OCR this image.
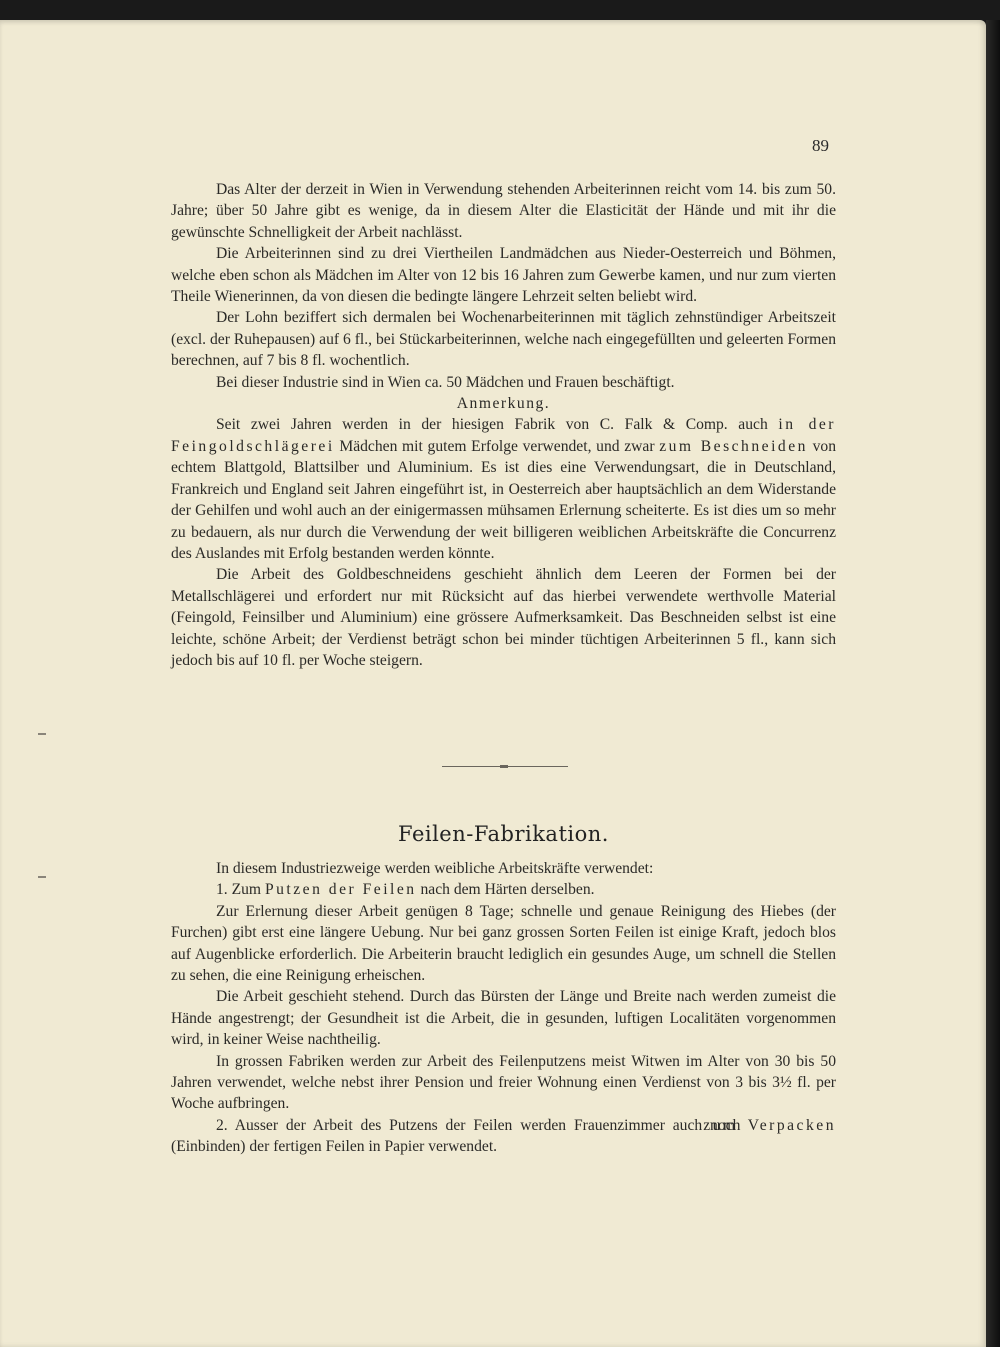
89

Das Alter der derzeit in Wien in Verwendung stehenden Arbeiterinnen reicht vom 14. bis zum 50. Jahre; über 50 Jahre gibt es wenige, da in diesem Alter die Elasticität der Hände und mit ihr die gewünschte Schnelligkeit der Arbeit nachlässt.

Die Arbeiterinnen sind zu drei Viertheilen Landmädchen aus Nieder-Oesterreich und Böhmen, welche eben schon als Mädchen im Alter von 12 bis 16 Jahren zum Gewerbe kamen, und nur zum vierten Theile Wienerinnen, da von diesen die bedingte längere Lehrzeit selten beliebt wird.

Der Lohn beziffert sich dermalen bei Wochenarbeiterinnen mit täglich zehnstündiger Arbeitszeit (excl. der Ruhepausen) auf 6 fl., bei Stückarbeiterinnen, welche nach eingegefüllten und geleerten Formen berechnen, auf 7 bis 8 fl. wochentlich.

Bei dieser Industrie sind in Wien ca. 50 Mädchen und Frauen beschäftigt.

Anmerkung.

Seit zwei Jahren werden in der hiesigen Fabrik von C. Falk & Comp. auch in der Feingoldschlägerei Mädchen mit gutem Erfolge verwendet, und zwar zum Beschneiden von echtem Blattgold, Blattsilber und Aluminium. Es ist dies eine Verwendungsart, die in Deutschland, Frankreich und England seit Jahren eingeführt ist, in Oesterreich aber hauptsächlich an dem Widerstande der Gehilfen und wohl auch an der einigermassen mühsamen Erlernung scheiterte. Es ist dies um so mehr zu bedauern, als nur durch die Verwendung der weit billigeren weiblichen Arbeitskräfte die Concurrenz des Auslandes mit Erfolg bestanden werden könnte.

Die Arbeit des Goldbeschneidens geschieht ähnlich dem Leeren der Formen bei der Metallschlägerei und erfordert nur mit Rücksicht auf das hierbei verwendete werthvolle Material (Feingold, Feinsilber und Aluminium) eine grössere Aufmerksamkeit. Das Beschneiden selbst ist eine leichte, schöne Arbeit; der Verdienst beträgt schon bei minder tüchtigen Arbeiterinnen 5 fl., kann sich jedoch bis auf 10 fl. per Woche steigern.

Feilen-Fabrikation.

In diesem Industriezweige werden weibliche Arbeitskräfte verwendet:

1. Zum Putzen der Feilen nach dem Härten derselben.

Zur Erlernung dieser Arbeit genügen 8 Tage; schnelle und genaue Reinigung des Hiebes (der Furchen) gibt erst eine längere Uebung. Nur bei ganz grossen Sorten Feilen ist einige Kraft, jedoch blos auf Augenblicke erforderlich. Die Arbeiterin braucht lediglich ein gesundes Auge, um schnell die Stellen zu sehen, die eine Reinigung erheischen.

Die Arbeit geschieht stehend. Durch das Bürsten der Länge und Breite nach werden zumeist die Hände angestrengt; der Gesundheit ist die Arbeit, die in gesunden, luftigen Localitäten vorgenommen wird, in keiner Weise nachtheilig.

In grossen Fabriken werden zur Arbeit des Feilenputzens meist Witwen im Alter von 30 bis 50 Jahren verwendet, welche nebst ihrer Pension und freier Wohnung einen Verdienst von 3 bis 3½ fl. per Woche aufbringen.

2. Ausser der Arbeit des Putzens der Feilen werden Frauenzimmer auch noch zum Verpacken (Einbinden) der fertigen Feilen in Papier verwendet.
